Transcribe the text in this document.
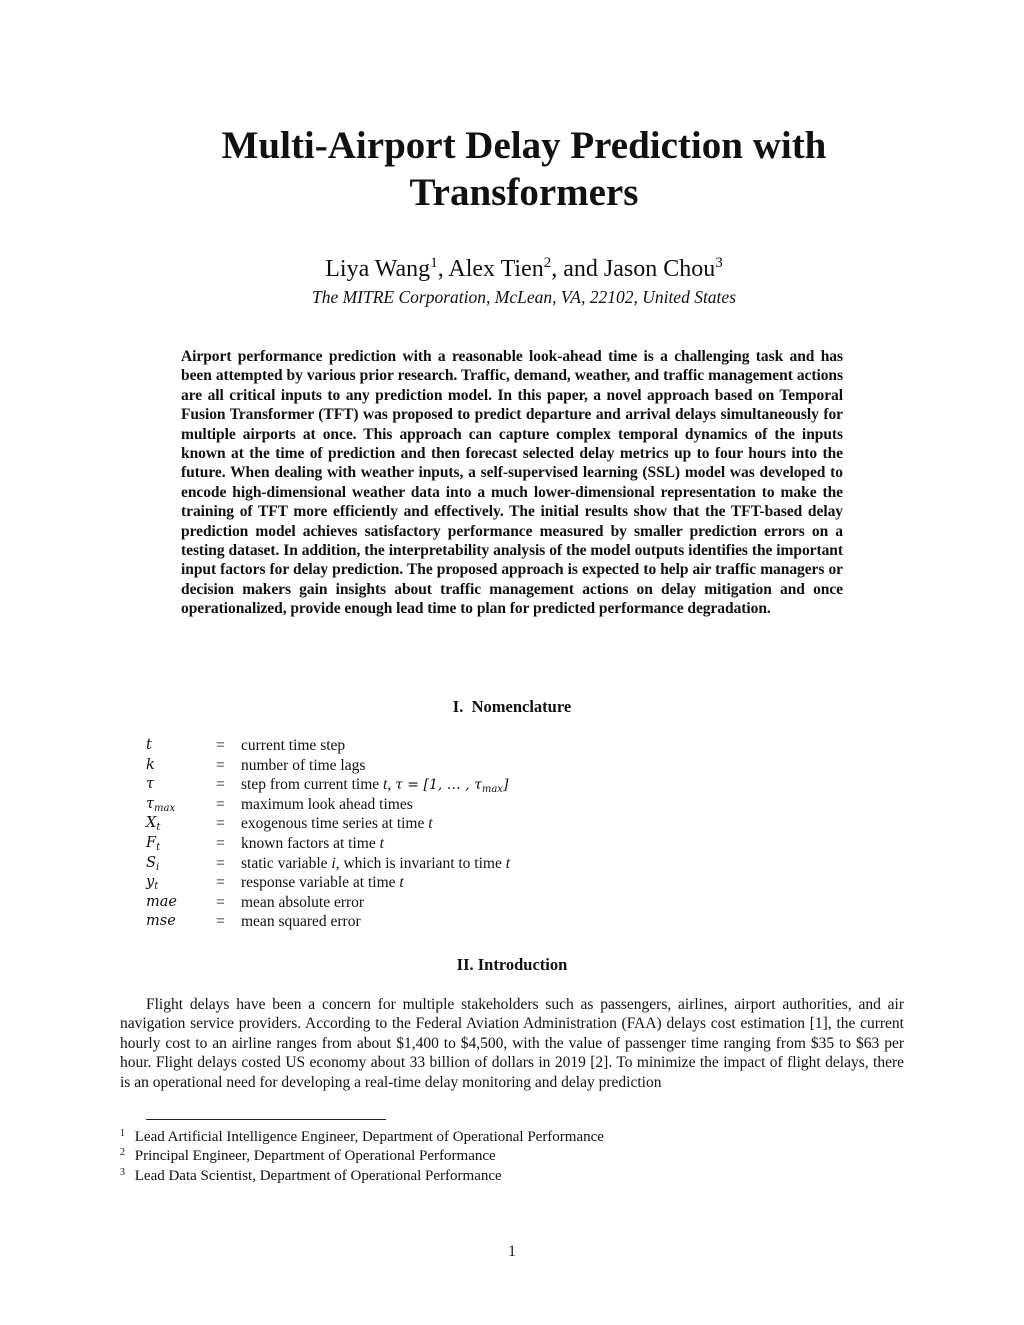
Multi-Airport Delay Prediction with Transformers
Liya Wang$^1$, Alex Tien$^2$, and Jason Chou$^3$
The MITRE Corporation, McLean, VA, 22102, United States

Airport performance prediction with a reasonable look-ahead time is a challenging task and has been attempted by various prior research. Traffic, demand, weather, and traffic management actions are all critical inputs to any prediction model. In this paper, a novel approach based on Temporal Fusion Transformer (TFT) was proposed to predict departure and arrival delays simultaneously for multiple airports at once. This approach can capture complex temporal dynamics of the inputs known at the time of prediction and then forecast selected delay metrics up to four hours into the future. When dealing with weather inputs, a self-supervised learning (SSL) model was developed to encode high-dimensional weather data into a much lower-dimensional representation to make the training of TFT more efficiently and effectively. The initial results show that the TFT-based delay prediction model achieves satisfactory performance measured by smaller prediction errors on a testing dataset. In addition, the interpretability analysis of the model outputs identifies the important input factors for delay prediction. The proposed approach is expected to help air traffic managers or decision makers gain insights about traffic management actions on delay mitigation and once operationalized, provide enough lead time to plan for predicted performance degradation.

I. Nomenclature
t	= current time step
k	= number of time lags
τ	= step from current time t, τ = [1, … , $\tau_{max}$]
$\tau_{max}$	= maximum look ahead times
$X_t$	= exogenous time series at time t
$F_t$	= known factors at time t
$S_i$	= static variable i, which is invariant to time t
$y_t$	= response variable at time t
mae	= mean absolute error
mse	= mean squared error
II. Introduction

Flight delays have been a concern for multiple stakeholders such as passengers, airlines, airport authorities, and air navigation service providers. According to the Federal Aviation Administration (FAA) delays cost estimation [1], the current hourly cost to an airline ranges from about $1,400 to $4,500, with the value of passenger time ranging from $35 to $63 per hour. Flight delays costed US economy about 33 billion of dollars in 2019 [2]. To minimize the impact of flight delays, there is an operational need for developing a real-time delay monitoring and delay prediction

1 Lead Artificial Intelligence Engineer, Department of Operational Performance
2 Principal Engineer, Department of Operational Performance
3 Lead Data Scientist, Department of Operational Performance
1
